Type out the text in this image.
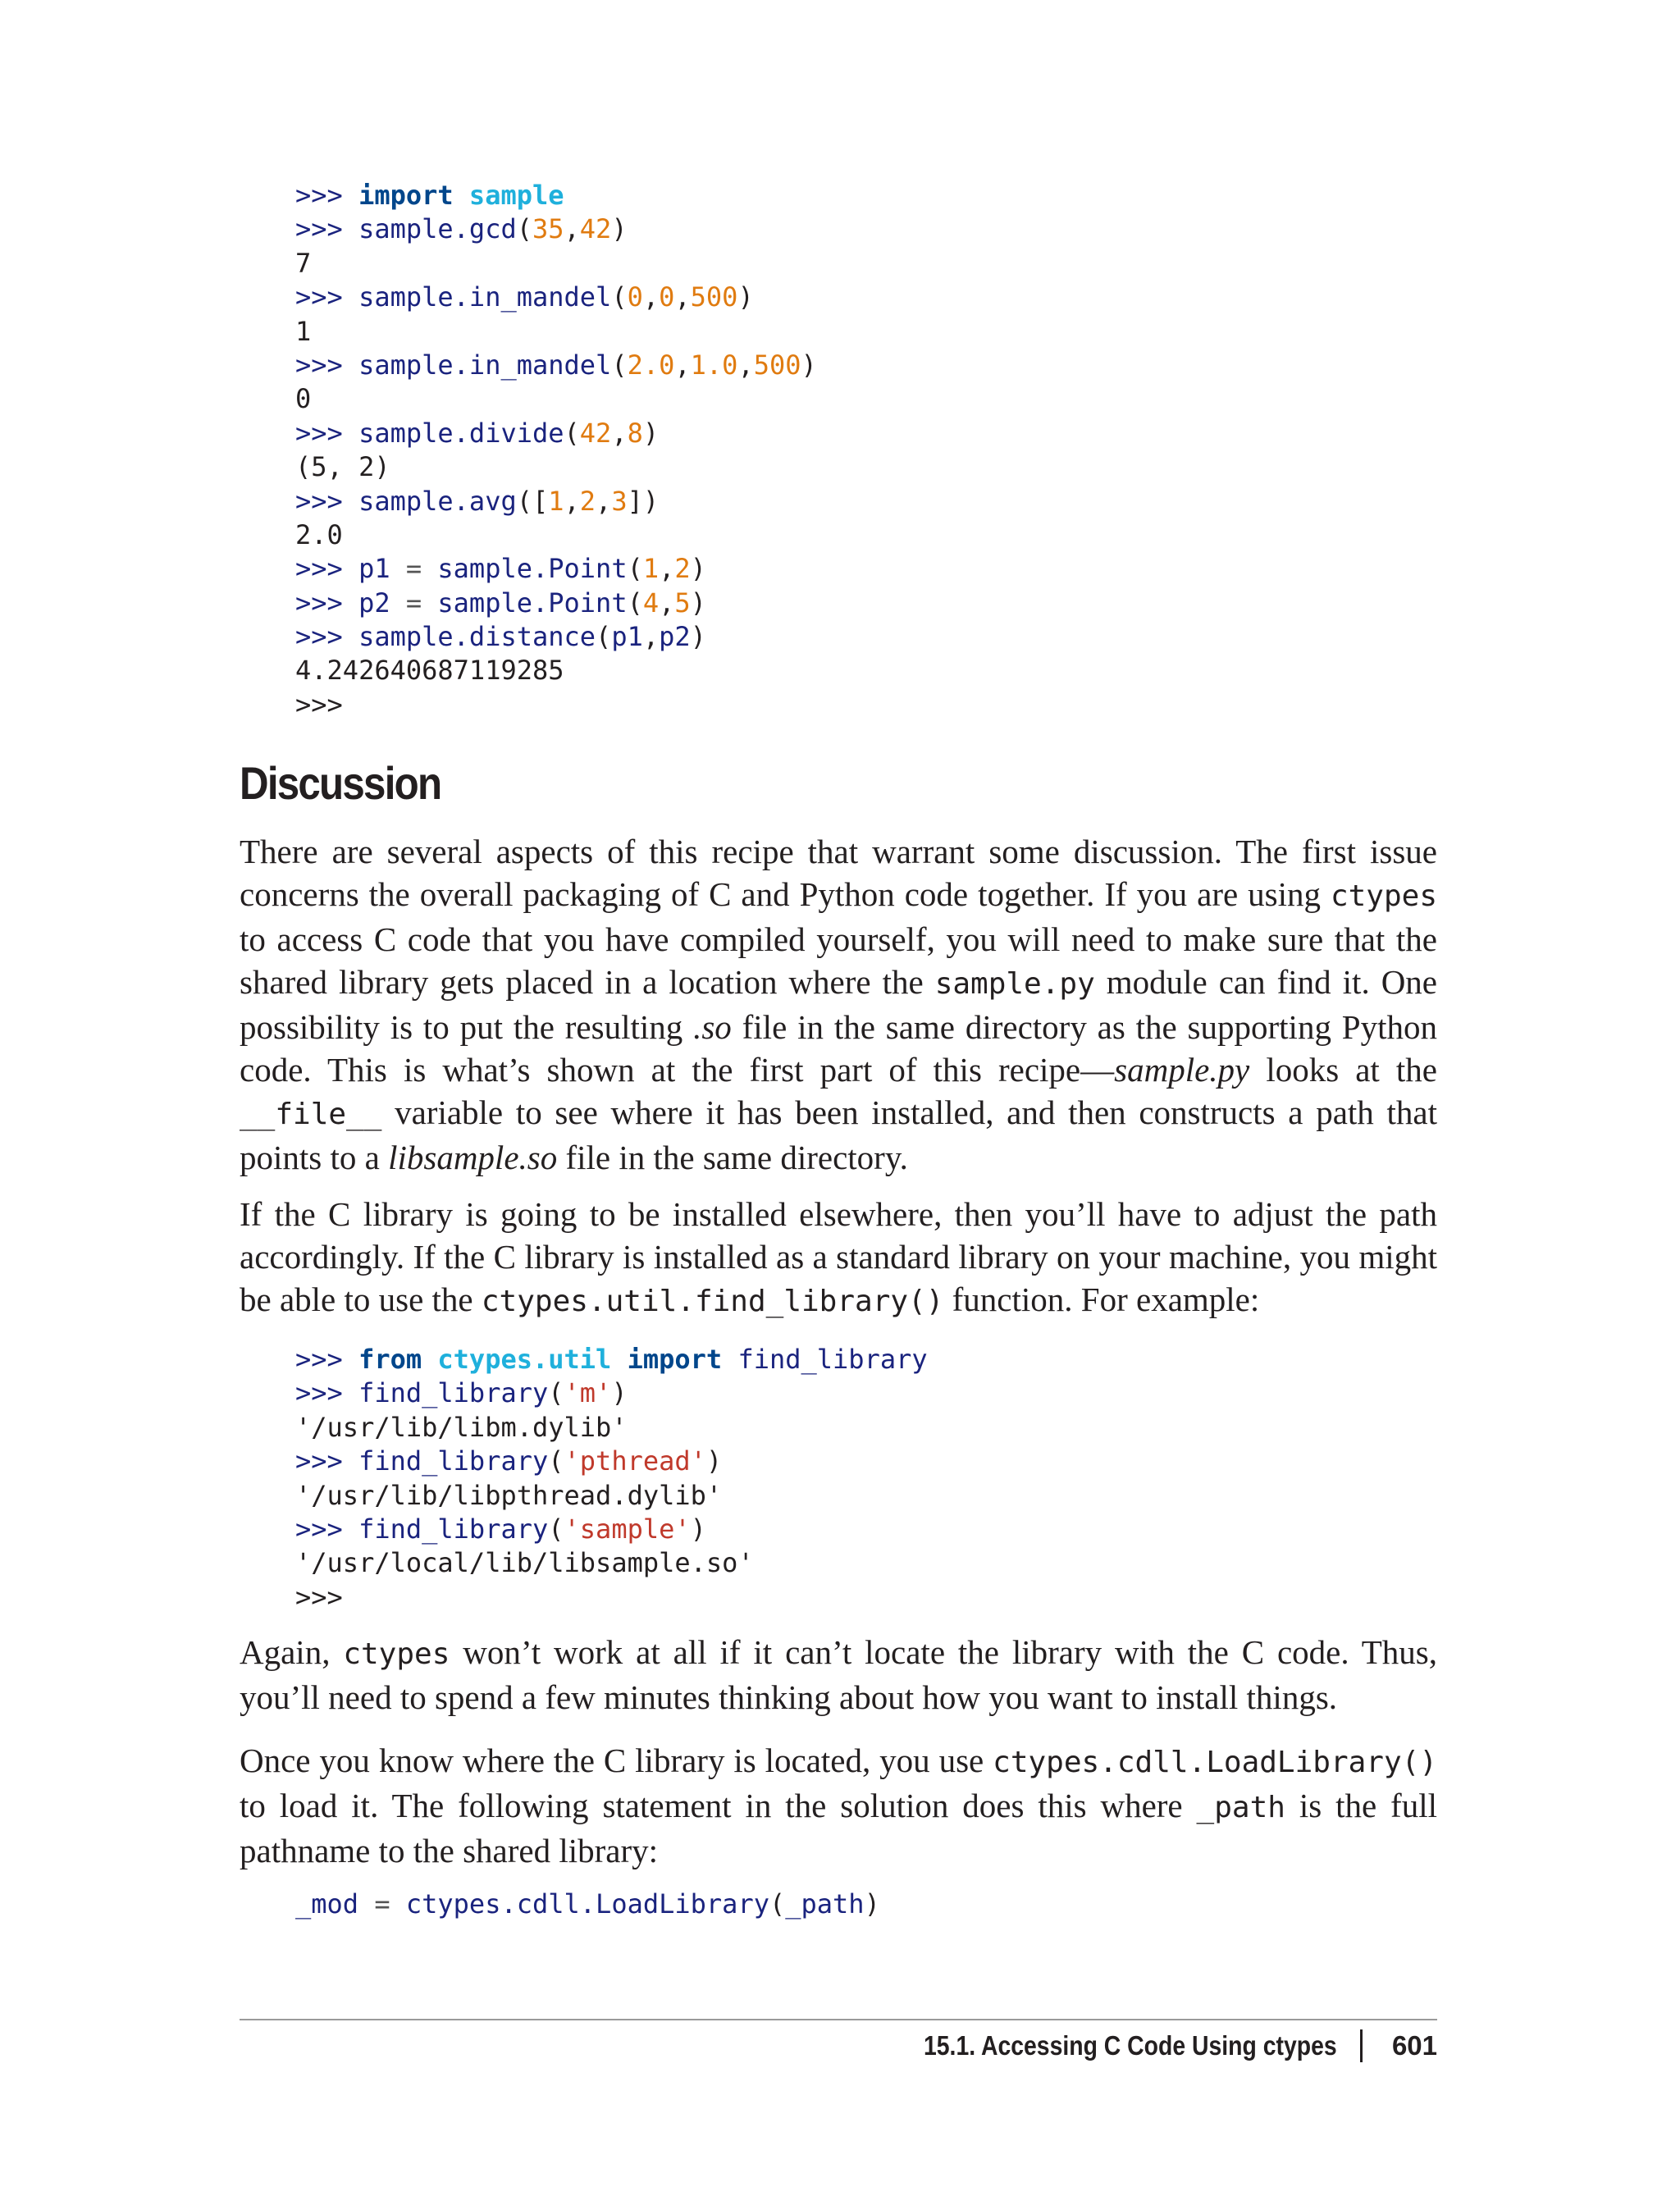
>>> import sample
>>> sample.gcd(35,42)
7
>>> sample.in_mandel(0,0,500)
1
>>> sample.in_mandel(2.0,1.0,500)
0
>>> sample.divide(42,8)
(5, 2)
>>> sample.avg([1,2,3])
2.0
>>> p1 = sample.Point(1,2)
>>> p2 = sample.Point(4,5)
>>> sample.distance(p1,p2)
4.242640687119285
>>>
Discussion

There are several aspects of this recipe that warrant some discussion. The first issue concerns the overall packaging of C and Python code together. If you are using ctypes to access C code that you have compiled yourself, you will need to make sure that the shared library gets placed in a location where the sample.py module can find it. One possibility is to put the resulting .so file in the same directory as the supporting Python code. This is what’s shown at the first part of this recipe—sample.py looks at the __file__ variable to see where it has been installed, and then constructs a path that points to a libsample.so file in the same directory.

If the C library is going to be installed elsewhere, then you’ll have to adjust the path accordingly. If the C library is installed as a standard library on your machine, you might be able to use the ctypes.util.find_library() function. For example:

>>> from ctypes.util import find_library
>>> find_library('m')
'/usr/lib/libm.dylib'
>>> find_library('pthread')
'/usr/lib/libpthread.dylib'
>>> find_library('sample')
'/usr/local/lib/libsample.so'
>>>

Again, ctypes won’t work at all if it can’t locate the library with the C code. Thus, you’ll need to spend a few minutes thinking about how you want to install things.

Once you know where the C library is located, you use ctypes.cdll.LoadLibrary() to load it. The following statement in the solution does this where _path is the full pathname to the shared library:

_mod = ctypes.cdll.LoadLibrary(_path)
15.1. Accessing C Code Using ctypes 601
